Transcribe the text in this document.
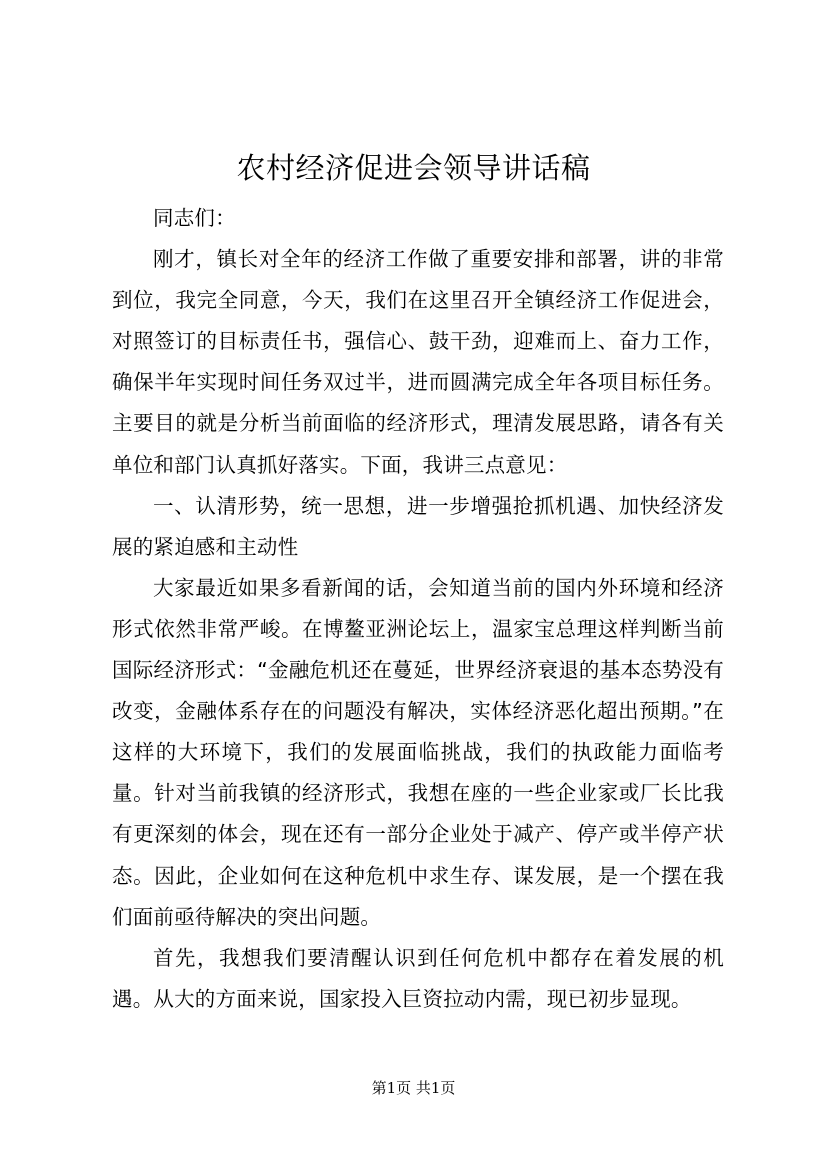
农村经济促进会领导讲话稿

同志们：

刚才，镇长对全年的经济工作做了重要安排和部署，讲的非常到位，我完全同意，今天，我们在这里召开全镇经济工作促进会，对照签订的目标责任书，强信心、鼓干劲，迎难而上、奋力工作，确保半年实现时间任务双过半，进而圆满完成全年各项目标任务。主要目的就是分析当前面临的经济形式，理清发展思路，请各有关单位和部门认真抓好落实。下面，我讲三点意见：

一、认清形势，统一思想，进一步增强抢抓机遇、加快经济发展的紧迫感和主动性

大家最近如果多看新闻的话，会知道当前的国内外环境和经济形式依然非常严峻。在博鳌亚洲论坛上，温家宝总理这样判断当前国际经济形式：“金融危机还在蔓延，世界经济衰退的基本态势没有改变，金融体系存在的问题没有解决，实体经济恶化超出预期。”在这样的大环境下，我们的发展面临挑战，我们的执政能力面临考量。针对当前我镇的经济形式，我想在座的一些企业家或厂长比我有更深刻的体会，现在还有一部分企业处于减产、停产或半停产状态。因此，企业如何在这种危机中求生存、谋发展，是一个摆在我们面前亟待解决的突出问题。

首先，我想我们要清醒认识到任何危机中都存在着发展的机遇。从大的方面来说，国家投入巨资拉动内需，现已初步显现。

第1页 共1页
